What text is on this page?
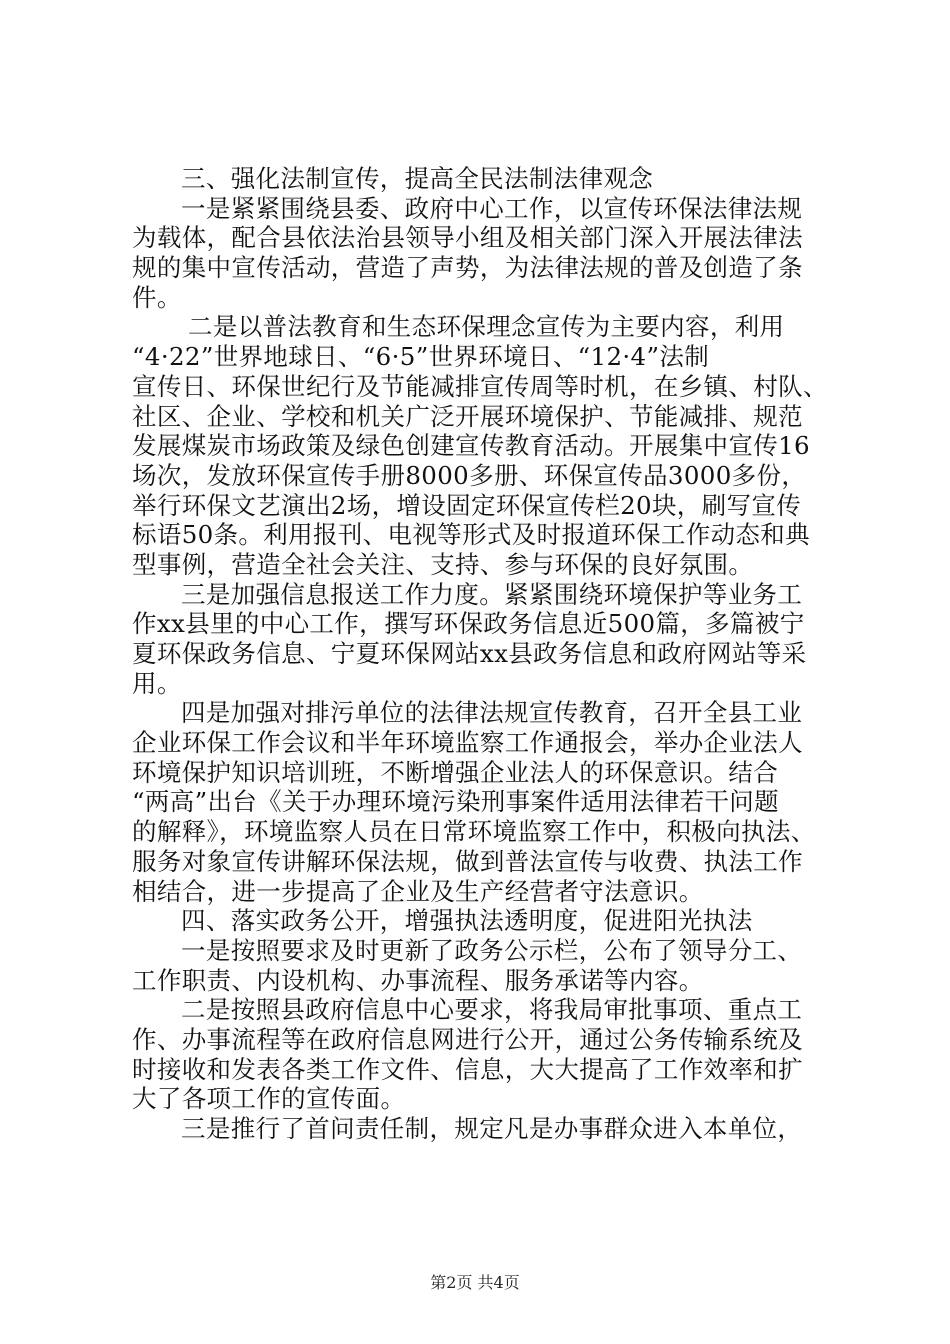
三、强化法制宣传，提高全民法制法律观念
一是紧紧围绕县委、政府中心工作，以宣传环保法律法规
为载体，配合县依法治县领导小组及相关部门深入开展法律法
规的集中宣传活动，营造了声势，为法律法规的普及创造了条
件。
二是以普法教育和生态环保理念宣传为主要内容，利用
“4·22”世界地球日、“6·5”世界环境日、“12·4”法制
宣传日、环保世纪行及节能减排宣传周等时机，在乡镇、村队、
社区、企业、学校和机关广泛开展环境保护、节能减排、规范
发展煤炭市场政策及绿色创建宣传教育活动。开展集中宣传16
场次，发放环保宣传手册8000多册、环保宣传品3000多份，
举行环保文艺演出2场，增设固定环保宣传栏20块，刷写宣传
标语50条。利用报刊、电视等形式及时报道环保工作动态和典
型事例，营造全社会关注、支持、参与环保的良好氛围。
三是加强信息报送工作力度。紧紧围绕环境保护等业务工
作xx县里的中心工作，撰写环保政务信息近500篇，多篇被宁
夏环保政务信息、宁夏环保网站xx县政务信息和政府网站等采
用。
四是加强对排污单位的法律法规宣传教育，召开全县工业
企业环保工作会议和半年环境监察工作通报会，举办企业法人
环境保护知识培训班，不断增强企业法人的环保意识。结合
“两高”出台《关于办理环境污染刑事案件适用法律若干问题
的解释》，环境监察人员在日常环境监察工作中，积极向执法、
服务对象宣传讲解环保法规，做到普法宣传与收费、执法工作
相结合，进一步提高了企业及生产经营者守法意识。
四、落实政务公开，增强执法透明度，促进阳光执法
一是按照要求及时更新了政务公示栏，公布了领导分工、
工作职责、内设机构、办事流程、服务承诺等内容。
二是按照县政府信息中心要求，将我局审批事项、重点工
作、办事流程等在政府信息网进行公开，通过公务传输系统及
时接收和发表各类工作文件、信息，大大提高了工作效率和扩
大了各项工作的宣传面。
三是推行了首问责任制，规定凡是办事群众进入本单位，
第2页 共4页
